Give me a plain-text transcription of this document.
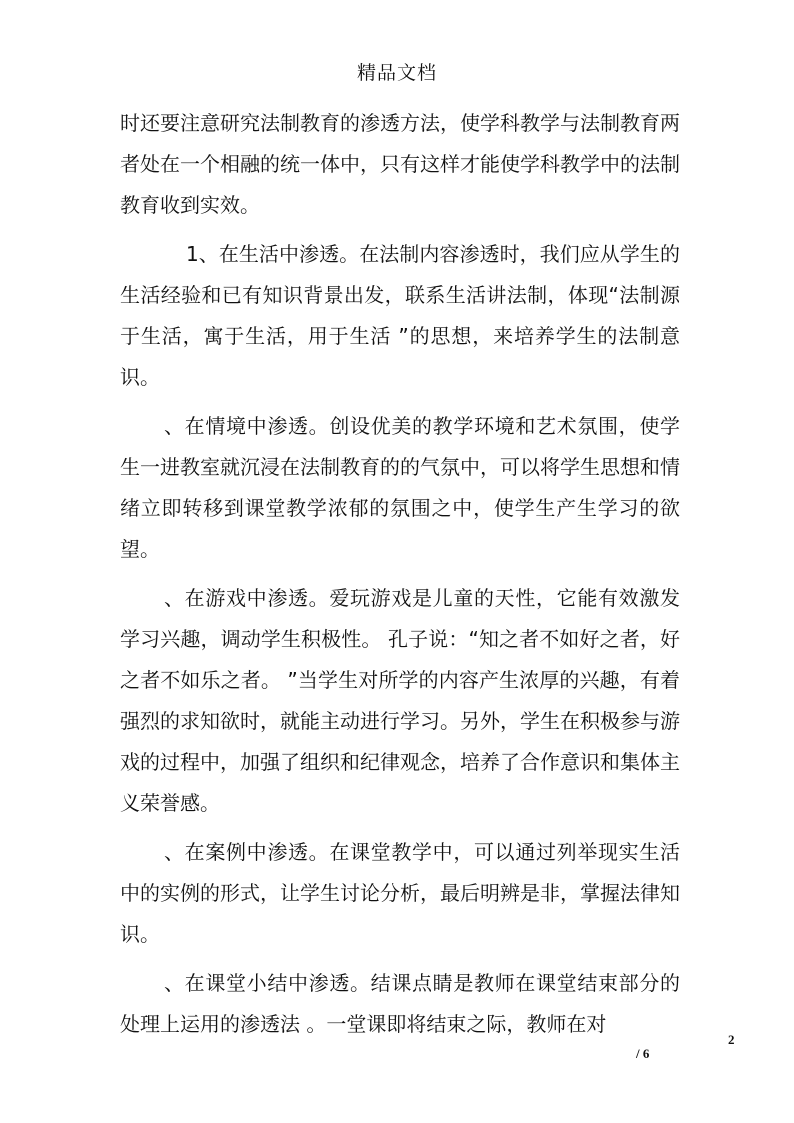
精品文档

时还要注意研究法制教育的渗透方法，使学科教学与法制教育两者处在一个相融的统一体中，只有这样才能使学科教学中的法制教育收到实效。

1、在生活中渗透。在法制内容渗透时，我们应从学生的生活经验和已有知识背景出发，联系生活讲法制，体现“法制源于生活，寓于生活，用于生活 ”的思想，来培养学生的法制意识。

、在情境中渗透。创设优美的教学环境和艺术氛围，使学生一进教室就沉浸在法制教育的的气氛中，可以将学生思想和情绪立即转移到课堂教学浓郁的氛围之中，使学生产生学习的欲望。

、在游戏中渗透。爱玩游戏是儿童的天性，它能有效激发学习兴趣，调动学生积极性。 孔子说：“知之者不如好之者，好之者不如乐之者。 ”当学生对所学的内容产生浓厚的兴趣，有着强烈的求知欲时，就能主动进行学习。另外，学生在积极参与游戏的过程中，加强了组织和纪律观念，培养了合作意识和集体主义荣誉感。

、在案例中渗透。在课堂教学中，可以通过列举现实生活中的实例的形式，让学生讨论分析，最后明辨是非，掌握法律知识。

、在课堂小结中渗透。结课点睛是教师在课堂结束部分的处理上运用的渗透法 。一堂课即将结束之际，教师在对

2
/ 6
